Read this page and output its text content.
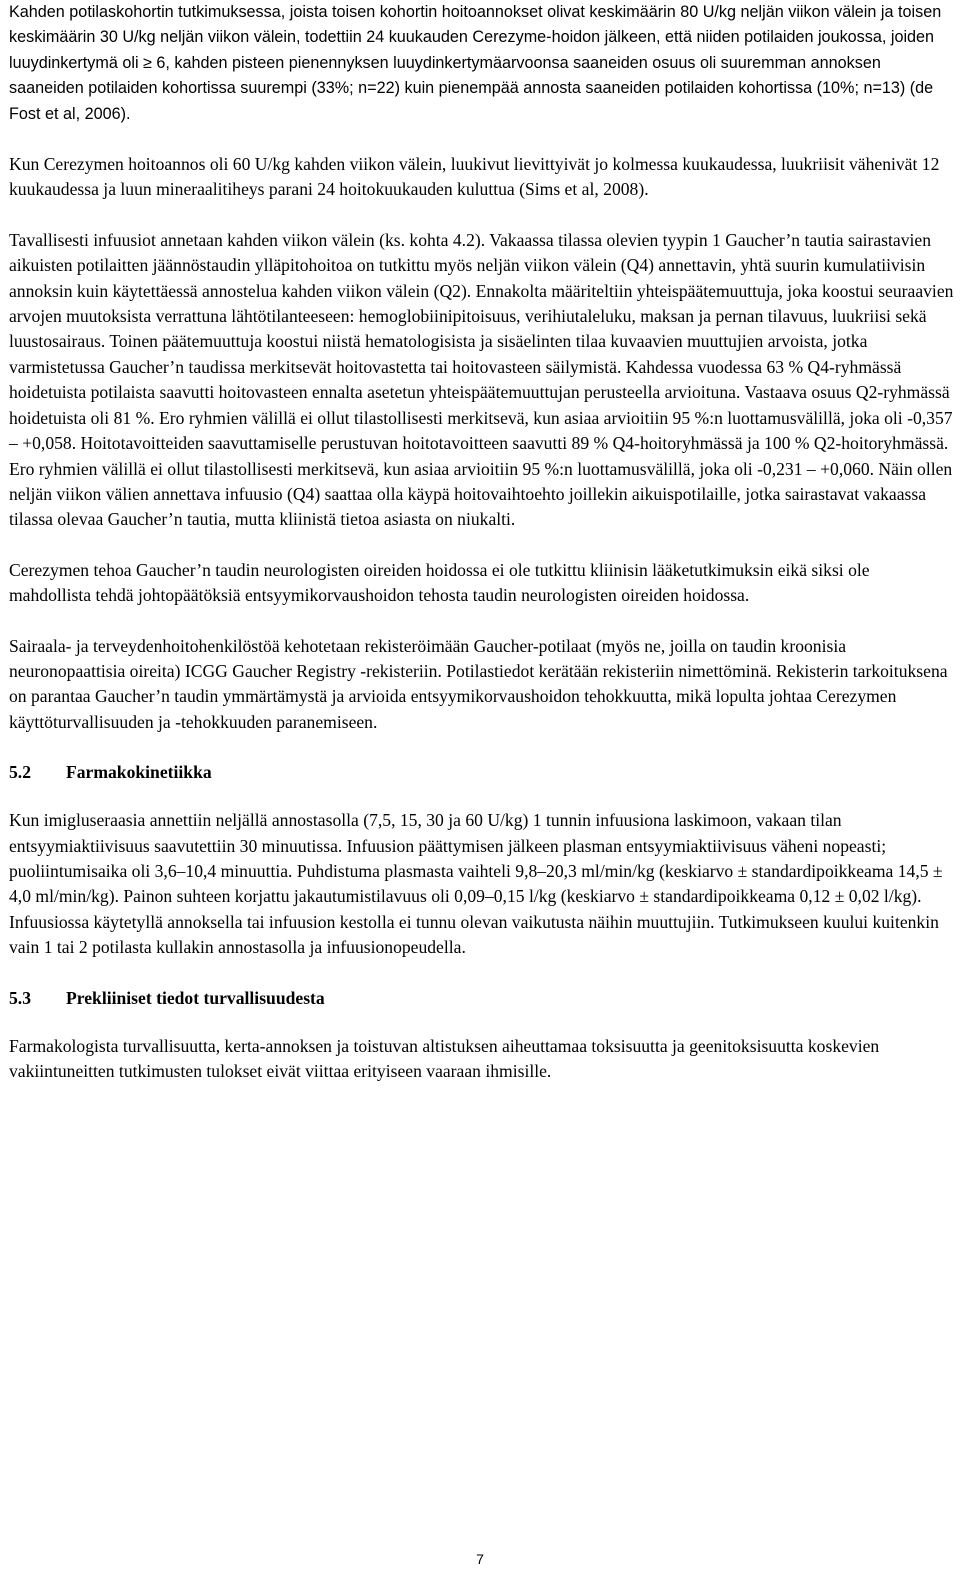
Kahden potilaskohortin tutkimuksessa, joista toisen kohortin hoitoannokset olivat keskimäärin 80 U/kg neljän viikon välein ja toisen keskimäärin 30 U/kg neljän viikon välein, todettiin 24 kuukauden Cerezyme-hoidon jälkeen, että niiden potilaiden joukossa, joiden luuydinkertymä oli ≥ 6, kahden pisteen pienennyksen luuydinkertymäarvoonsa saaneiden osuus oli suuremman annoksen saaneiden potilaiden kohortissa suurempi (33%; n=22) kuin pienempää annosta saaneiden potilaiden kohortissa (10%; n=13) (de Fost et al, 2006).

Kun Cerezymen hoitoannos oli 60 U/kg kahden viikon välein, luukivut lievittyivät jo kolmessa kuukaudessa, luukriisit vähenivät 12 kuukaudessa ja luun mineraalitiheys parani 24 hoitokuukauden kuluttua (Sims et al, 2008).

Tavallisesti infuusiot annetaan kahden viikon välein (ks. kohta 4.2). Vakaassa tilassa olevien tyypin 1 Gaucher’n tautia sairastavien aikuisten potilaitten jäännöstaudin ylläpitohoitoa on tutkittu myös neljän viikon välein (Q4) annettavin, yhtä suurin kumulatiivisin annoksin kuin käytettäessä annostelua kahden viikon välein (Q2). Ennakolta määriteltiin yhteispäätemuuttuja, joka koostui seuraavien arvojen muutoksista verrattuna lähtötilanteeseen: hemoglobiinipitoisuus, verihiutaleluku, maksan ja pernan tilavuus, luukriisi sekä luustosairaus. Toinen päätemuuttuja koostui niistä hematologisista ja sisäelinten tilaa kuvaavien muuttujien arvoista, jotka varmistetussa Gaucher’n taudissa merkitsevät hoitovastetta tai hoitovasteen säilymistä. Kahdessa vuodessa 63 % Q4-ryhmässä hoidetuista potilaista saavutti hoitovasteen ennalta asetetun yhteispäätemuuttujan perusteella arvioituna. Vastaava osuus Q2-ryhmässä hoidetuista oli 81 %. Ero ryhmien välillä ei ollut tilastollisesti merkitsevä, kun asiaa arvioitiin 95 %:n luottamusvälillä, joka oli -0,357 – +0,058. Hoitotavoitteiden saavuttamiselle perustuvan hoitotavoitteen saavutti 89 % Q4-hoitoryhmässä ja 100 % Q2-hoitoryhmässä. Ero ryhmien välillä ei ollut tilastollisesti merkitsevä, kun asiaa arvioitiin 95 %:n luottamusvälillä, joka oli -0,231 – +0,060. Näin ollen neljän viikon välien annettava infuusio (Q4) saattaa olla käypä hoitovaihtoehto joillekin aikuispotilaille, jotka sairastavat vakaassa tilassa olevaa Gaucher’n tautia, mutta kliinistä tietoa asiasta on niukalti.

Cerezymen tehoa Gaucher’n taudin neurologisten oireiden hoidossa ei ole tutkittu kliinisin lääketutkimuksin eikä siksi ole mahdollista tehdä johtopäätöksiä entsyymikorvaushoidon tehosta taudin neurologisten oireiden hoidossa.

Sairaala- ja terveydenhoitohenkilöstöä kehotetaan rekisteröimään Gaucher-potilaat (myös ne, joilla on taudin kroonisia neuronopaattisia oireita) ICGG Gaucher Registry -rekisteriin. Potilastiedot kerätään rekisteriin nimettöminä. Rekisterin tarkoituksena on parantaa Gaucher’n taudin ymmärtämystä ja arvioida entsyymikorvaushoidon tehokkuutta, mikä lopulta johtaa Cerezymen käyttöturvallisuuden ja -tehokkuuden paranemiseen.

5.2	Farmakokinetiikka

Kun imigluseraasia annettiin neljällä annostasolla (7,5, 15, 30 ja 60 U/kg) 1 tunnin infuusiona laskimoon, vakaan tilan entsyymiaktiivisuus saavutettiin 30 minuutissa. Infuusion päättymisen jälkeen plasman entsyymiaktiivisuus väheni nopeasti; puoliintumisaika oli 3,6–10,4 minuuttia. Puhdistuma plasmasta vaihteli 9,8–20,3 ml/min/kg (keskiarvo ± standardipoikkeama 14,5 ± 4,0 ml/min/kg). Painon suhteen korjattu jakautumistilavuus oli 0,09–0,15 l/kg (keskiarvo ± standardipoikkeama 0,12 ± 0,02 l/kg). Infuusiossa käytetyllä annoksella tai infuusion kestolla ei tunnu olevan vaikutusta näihin muuttujiin. Tutkimukseen kuului kuitenkin vain 1 tai 2 potilasta kullakin annostasolla ja infuusionopeudella.

5.3	Prekliiniset tiedot turvallisuudesta

Farmakologista turvallisuutta, kerta-annoksen ja toistuvan altistuksen aiheuttamaa toksisuutta ja geenitoksisuutta koskevien vakiintuneitten tutkimusten tulokset eivät viittaa erityiseen vaaraan ihmisille.

7
